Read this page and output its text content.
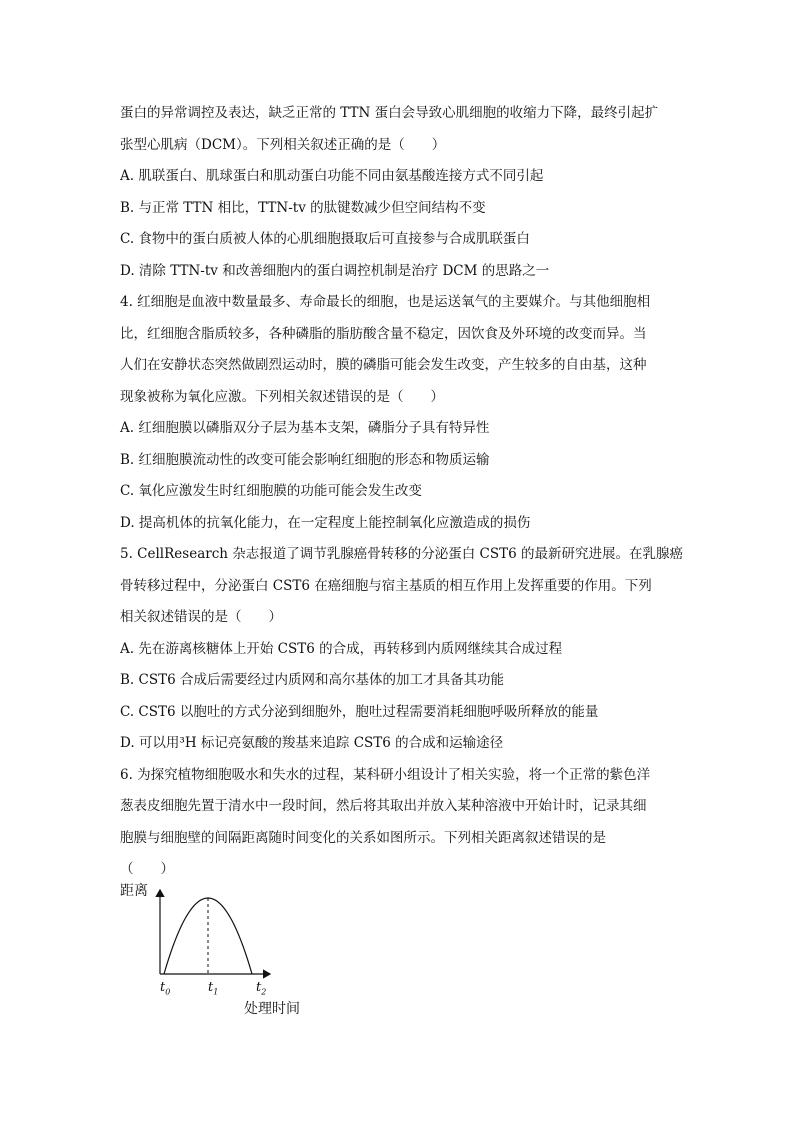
蛋白的异常调控及表达，缺乏正常的 TTN 蛋白会导致心肌细胞的收缩力下降，最终引起扩
张型心肌病（DCM）。下列相关叙述正确的是（　　）
A. 肌联蛋白、肌球蛋白和肌动蛋白功能不同由氨基酸连接方式不同引起
B. 与正常 TTN 相比，TTN-tv 的肽键数减少但空间结构不变
C. 食物中的蛋白质被人体的心肌细胞摄取后可直接参与合成肌联蛋白
D. 清除 TTN-tv 和改善细胞内的蛋白调控机制是治疗 DCM 的思路之一
4. 红细胞是血液中数量最多、寿命最长的细胞，也是运送氧气的主要媒介。与其他细胞相
比，红细胞含脂质较多，各种磷脂的脂肪酸含量不稳定，因饮食及外环境的改变而异。当
人们在安静状态突然做剧烈运动时，膜的磷脂可能会发生改变，产生较多的自由基，这种
现象被称为氧化应激。下列相关叙述错误的是（　　）
A. 红细胞膜以磷脂双分子层为基本支架，磷脂分子具有特异性
B. 红细胞膜流动性的改变可能会影响红细胞的形态和物质运输
C. 氧化应激发生时红细胞膜的功能可能会发生改变
D. 提高机体的抗氧化能力，在一定程度上能控制氧化应激造成的损伤
5. CellResearch 杂志报道了调节乳腺癌骨转移的分泌蛋白 CST6 的最新研究进展。在乳腺癌
骨转移过程中，分泌蛋白 CST6 在癌细胞与宿主基质的相互作用上发挥重要的作用。下列
相关叙述错误的是（　　）
A. 先在游离核糖体上开始 CST6 的合成，再转移到内质网继续其合成过程
B. CST6 合成后需要经过内质网和高尔基体的加工才具备其功能
C. CST6 以胞吐的方式分泌到细胞外，胞吐过程需要消耗细胞呼吸所释放的能量
D. 可以用³H 标记亮氨酸的羧基来追踪 CST6 的合成和运输途径
6. 为探究植物细胞吸水和失水的过程，某科研小组设计了相关实验，将一个正常的紫色洋
葱表皮细胞先置于清水中一段时间，然后将其取出并放入某种溶液中开始计时，记录其细
胞膜与细胞壁的间隔距离随时间变化的关系如图所示。下列相关距离叙述错误的是
（　　）
距离
$t_0$	$t_1$	$t_2$
处理时间
